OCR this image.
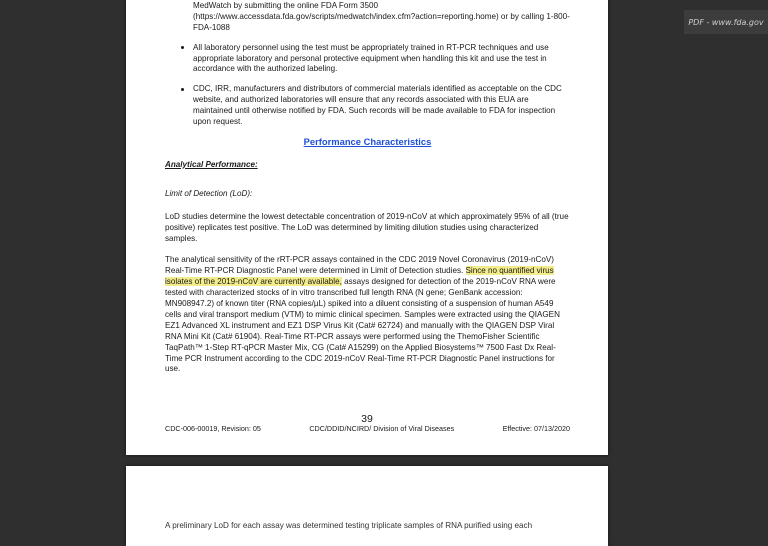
MedWatch by submitting the online FDA Form 3500 (https://www.accessdata.fda.gov/scripts/medwatch/index.cfm?action=reporting.home) or by calling 1-800-FDA-1088
All laboratory personnel using the test must be appropriately trained in RT-PCR techniques and use appropriate laboratory and personal protective equipment when handling this kit and use the test in accordance with the authorized labeling.
CDC, IRR, manufacturers and distributors of commercial materials identified as acceptable on the CDC website, and authorized laboratories will ensure that any records associated with this EUA are maintained until otherwise notified by FDA. Such records will be made available to FDA for inspection upon request.
Performance Characteristics
Analytical Performance:
Limit of Detection (LoD):

LoD studies determine the lowest detectable concentration of 2019-nCoV at which approximately 95% of all (true positive) replicates test positive. The LoD was determined by limiting dilution studies using characterized samples.

The analytical sensitivity of the rRT-PCR assays contained in the CDC 2019 Novel Coronavirus (2019-nCoV) Real-Time RT-PCR Diagnostic Panel were determined in Limit of Detection studies. Since no quantified virus isolates of the 2019-nCoV are currently available, assays designed for detection of the 2019-nCoV RNA were tested with characterized stocks of in vitro transcribed full length RNA (N gene; GenBank accession: MN908947.2) of known titer (RNA copies/µL) spiked into a diluent consisting of a suspension of human A549 cells and viral transport medium (VTM) to mimic clinical specimen. Samples were extracted using the QIAGEN EZ1 Advanced XL instrument and EZ1 DSP Virus Kit (Cat# 62724) and manually with the QIAGEN DSP Viral RNA Mini Kit (Cat# 61904). Real-Time RT-PCR assays were performed using the ThemoFisher Scientific TaqPath™ 1-Step RT-qPCR Master Mix, CG (Cat# A15299) on the Applied Biosystems™ 7500 Fast Dx Real-Time PCR Instrument according to the CDC 2019-nCoV Real-Time RT-PCR Diagnostic Panel instructions for use.

39
CDC-006-00019, Revision: 05	CDC/DDID/NCIRD/ Division of Viral Diseases	Effective: 07/13/2020
A preliminary LoD for each assay was determined testing triplicate samples of RNA purified using each
PDF - www.fda.gov
